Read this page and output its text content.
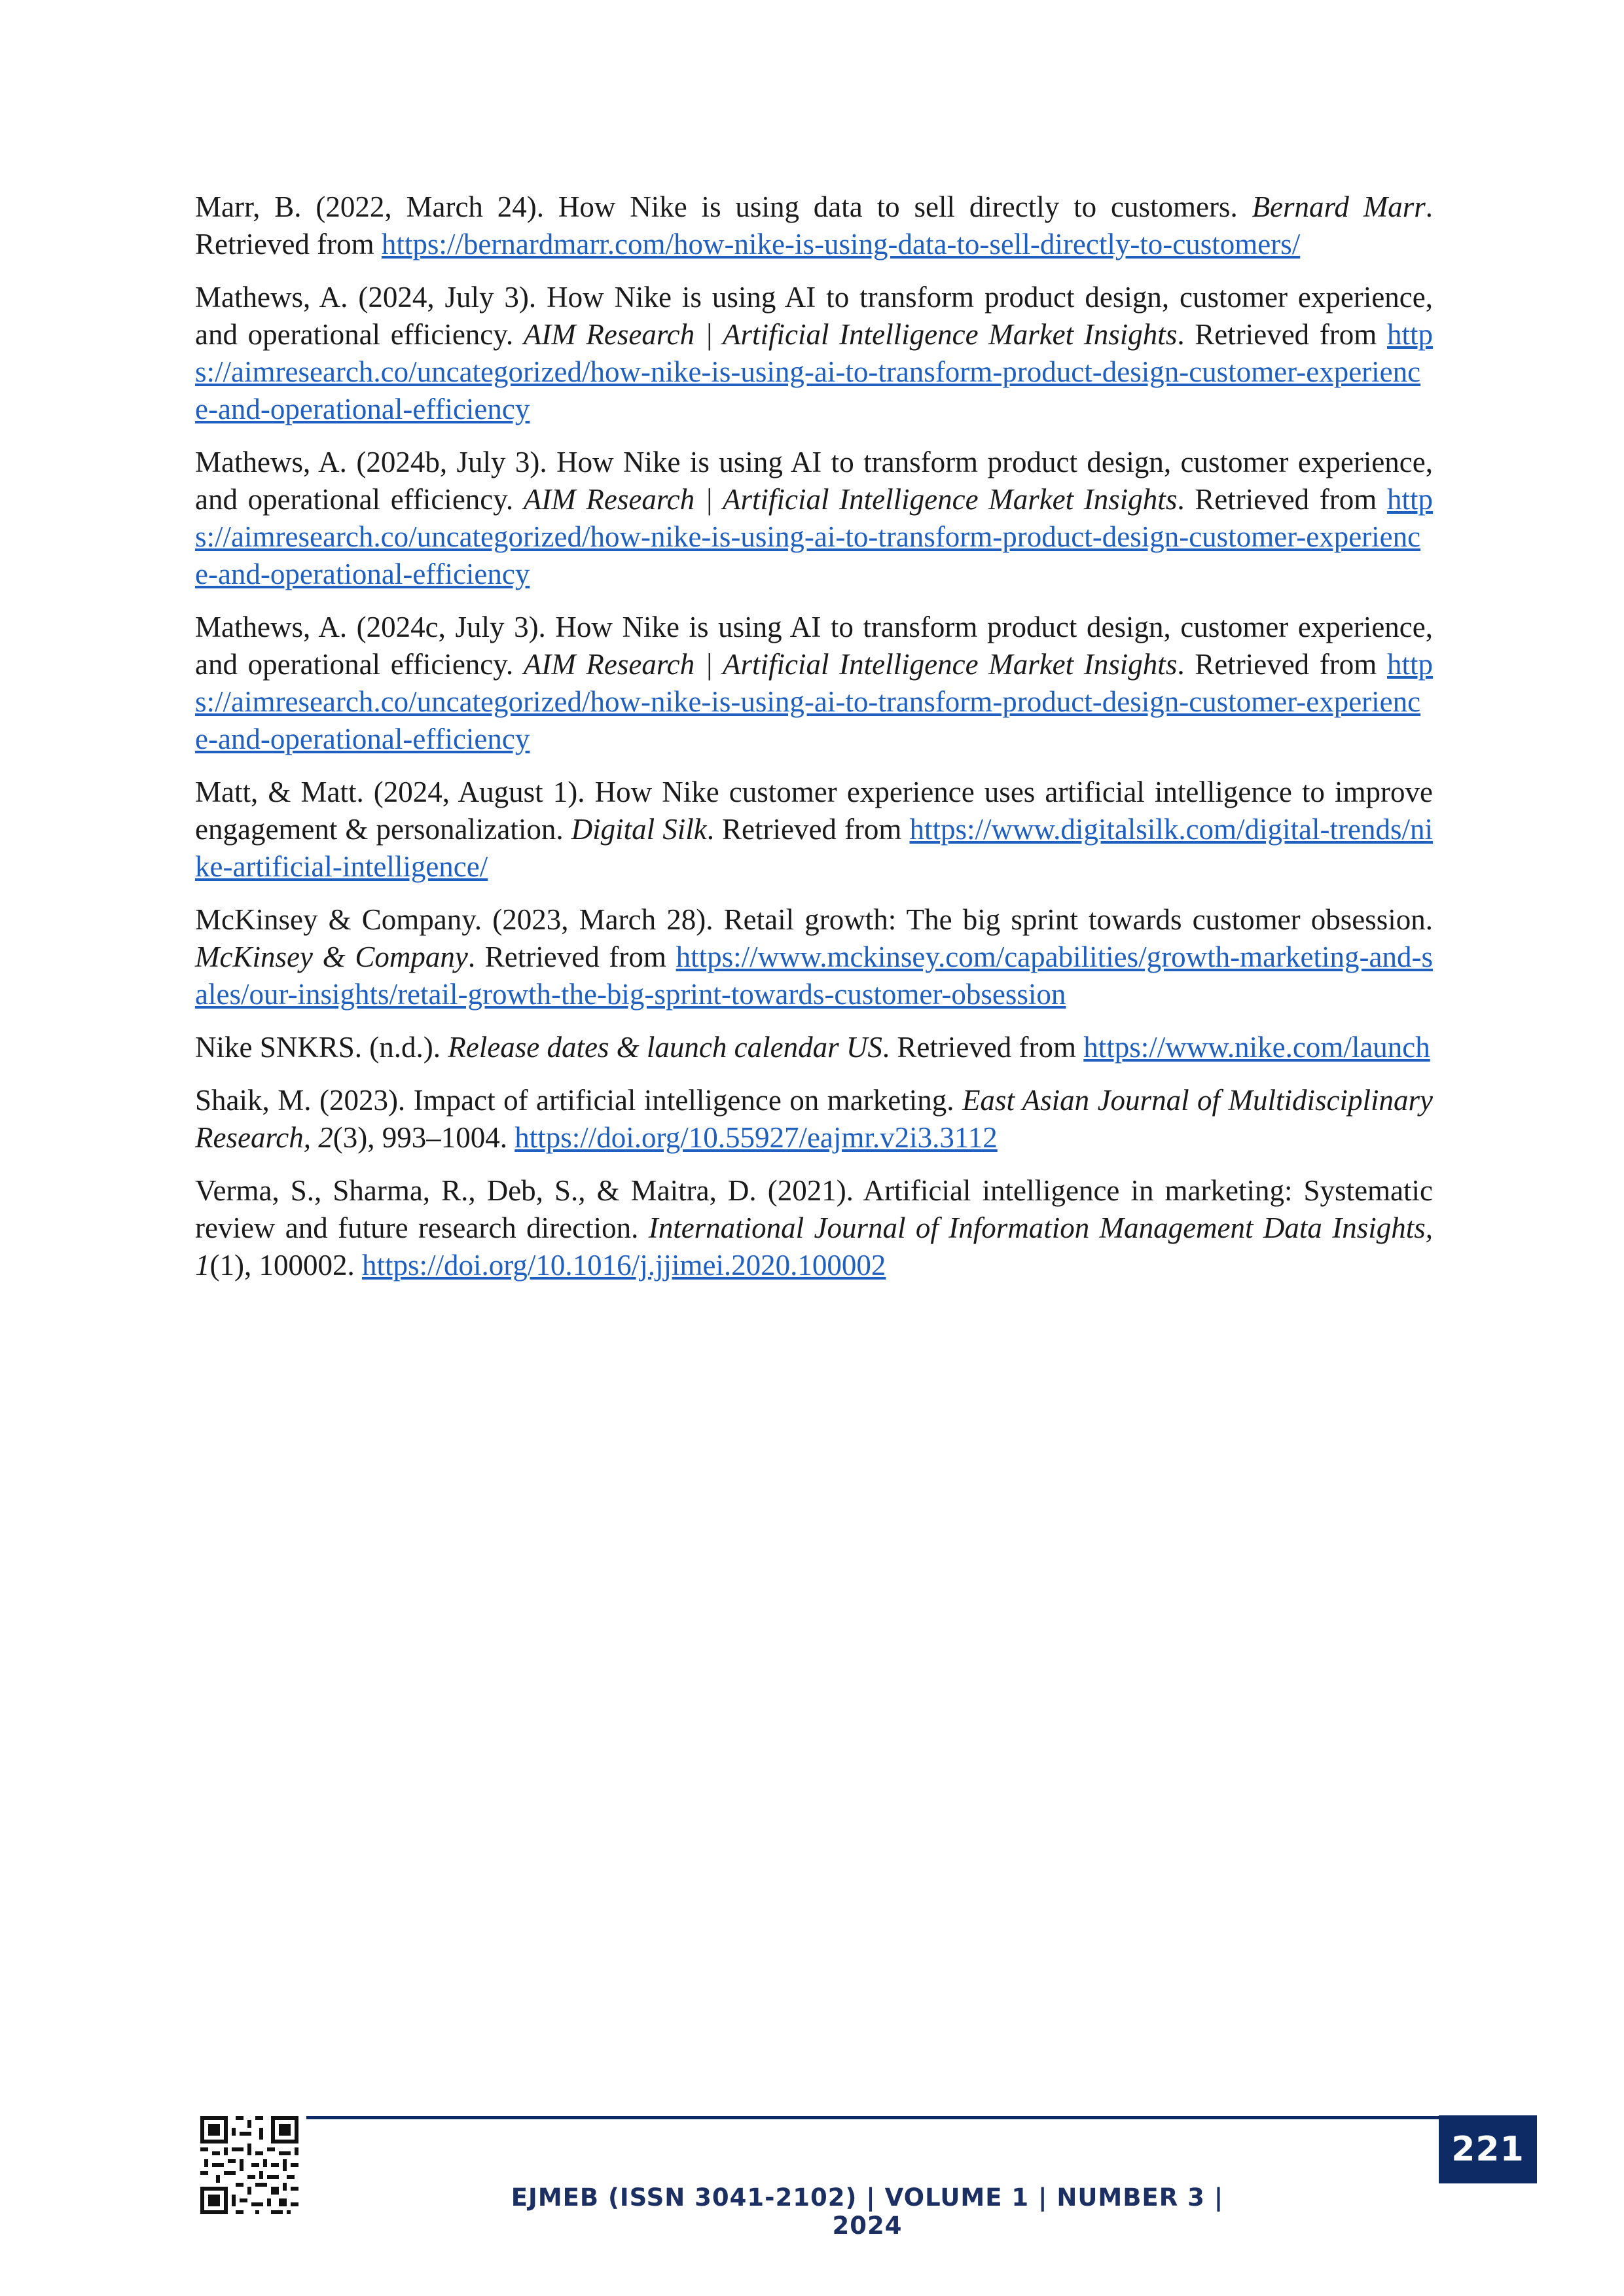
Marr, B. (2022, March 24). How Nike is using data to sell directly to customers. Bernard Marr. Retrieved from https://bernardmarr.com/how-nike-is-using-data-to-sell-directly-to-customers/

Mathews, A. (2024, July 3). How Nike is using AI to transform product design, customer experience, and operational efficiency. AIM Research | Artificial Intelligence Market Insights. Retrieved from https://aimresearch.co/uncategorized/how-nike-is-using-ai-to-transform-product-design-customer-experience-and-operational-efficiency

Mathews, A. (2024b, July 3). How Nike is using AI to transform product design, customer experience, and operational efficiency. AIM Research | Artificial Intelligence Market Insights. Retrieved from https://aimresearch.co/uncategorized/how-nike-is-using-ai-to-transform-product-design-customer-experience-and-operational-efficiency

Mathews, A. (2024c, July 3). How Nike is using AI to transform product design, customer experience, and operational efficiency. AIM Research | Artificial Intelligence Market Insights. Retrieved from https://aimresearch.co/uncategorized/how-nike-is-using-ai-to-transform-product-design-customer-experience-and-operational-efficiency

Matt, & Matt. (2024, August 1). How Nike customer experience uses artificial intelligence to improve engagement & personalization. Digital Silk. Retrieved from https://www.digitalsilk.com/digital-trends/nike-artificial-intelligence/

McKinsey & Company. (2023, March 28). Retail growth: The big sprint towards customer obsession. McKinsey & Company. Retrieved from https://www.mckinsey.com/capabilities/growth-marketing-and-sales/our-insights/retail-growth-the-big-sprint-towards-customer-obsession

Nike SNKRS. (n.d.). Release dates & launch calendar US. Retrieved from https://www.nike.com/launch

Shaik, M. (2023). Impact of artificial intelligence on marketing. East Asian Journal of Multidisciplinary Research, 2(3), 993–1004. https://doi.org/10.55927/eajmr.v2i3.3112

Verma, S., Sharma, R., Deb, S., & Maitra, D. (2021). Artificial intelligence in marketing: Systematic review and future research direction. International Journal of Information Management Data Insights, 1(1), 100002. https://doi.org/10.1016/j.jjimei.2020.100002

221
EJMEB (ISSN 3041-2102) | VOLUME 1 | NUMBER 3 | 2024
